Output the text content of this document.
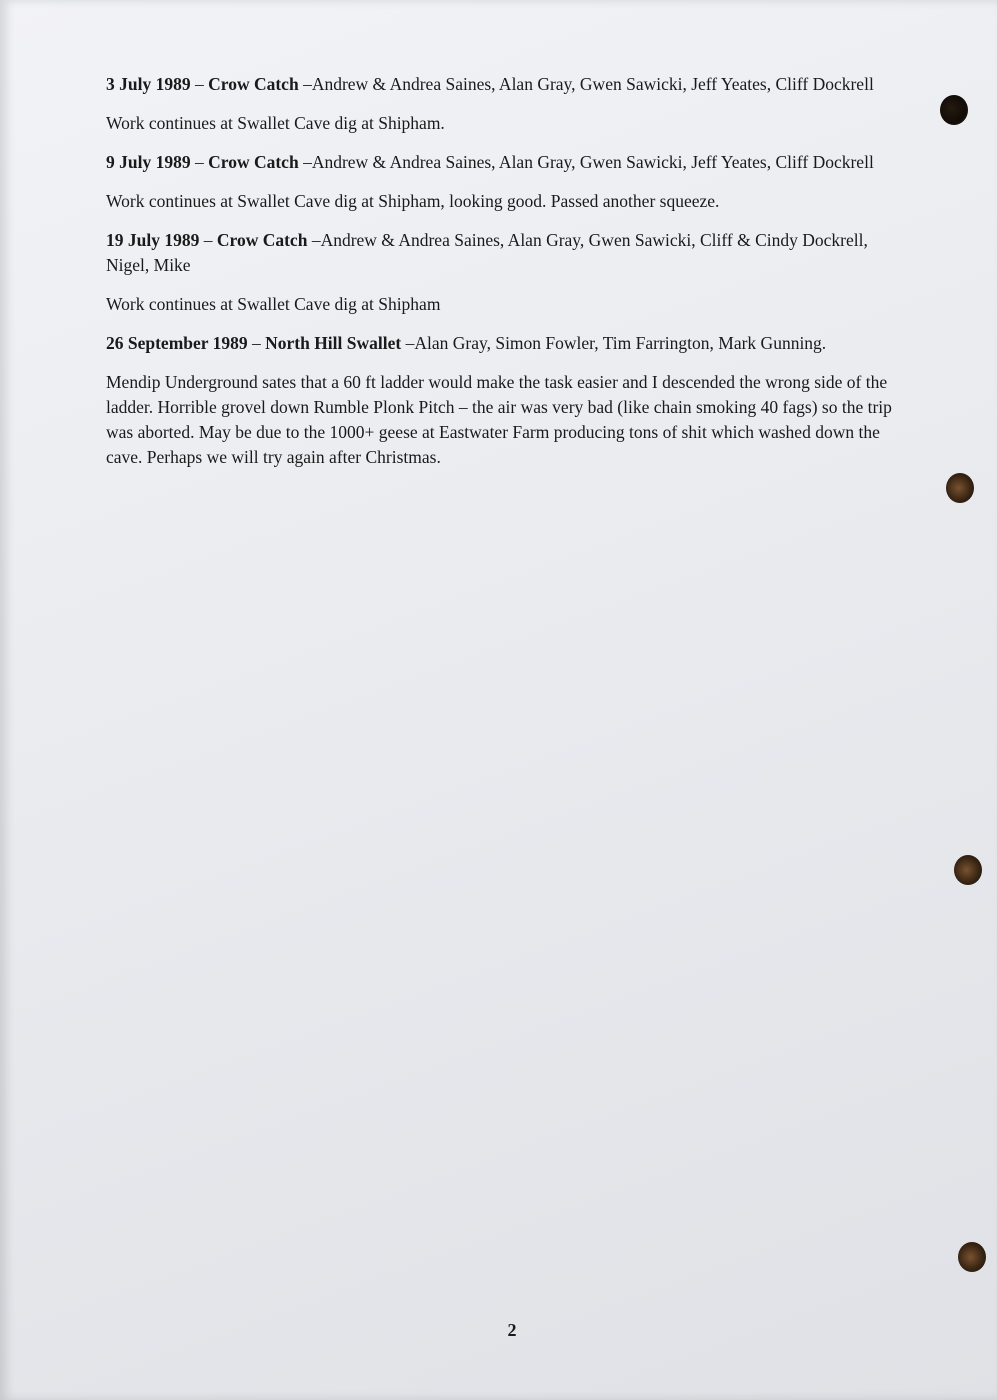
3 July 1989 – Crow Catch –Andrew & Andrea Saines, Alan Gray, Gwen Sawicki, Jeff Yeates, Cliff Dockrell

Work continues at Swallet Cave dig at Shipham.

9 July 1989 – Crow Catch –Andrew & Andrea Saines, Alan Gray, Gwen Sawicki, Jeff Yeates, Cliff Dockrell

Work continues at Swallet Cave dig at Shipham, looking good. Passed another squeeze.

19 July 1989 – Crow Catch –Andrew & Andrea Saines, Alan Gray, Gwen Sawicki, Cliff & Cindy Dockrell, Nigel, Mike

Work continues at Swallet Cave dig at Shipham

26 September 1989 – North Hill Swallet –Alan Gray, Simon Fowler, Tim Farrington, Mark Gunning.

Mendip Underground sates that a 60 ft ladder would make the task easier and I descended the wrong side of the ladder. Horrible grovel down Rumble Plonk Pitch – the air was very bad (like chain smoking 40 fags) so the trip was aborted. May be due to the 1000+ geese at Eastwater Farm producing tons of shit which washed down the cave. Perhaps we will try again after Christmas.

2
